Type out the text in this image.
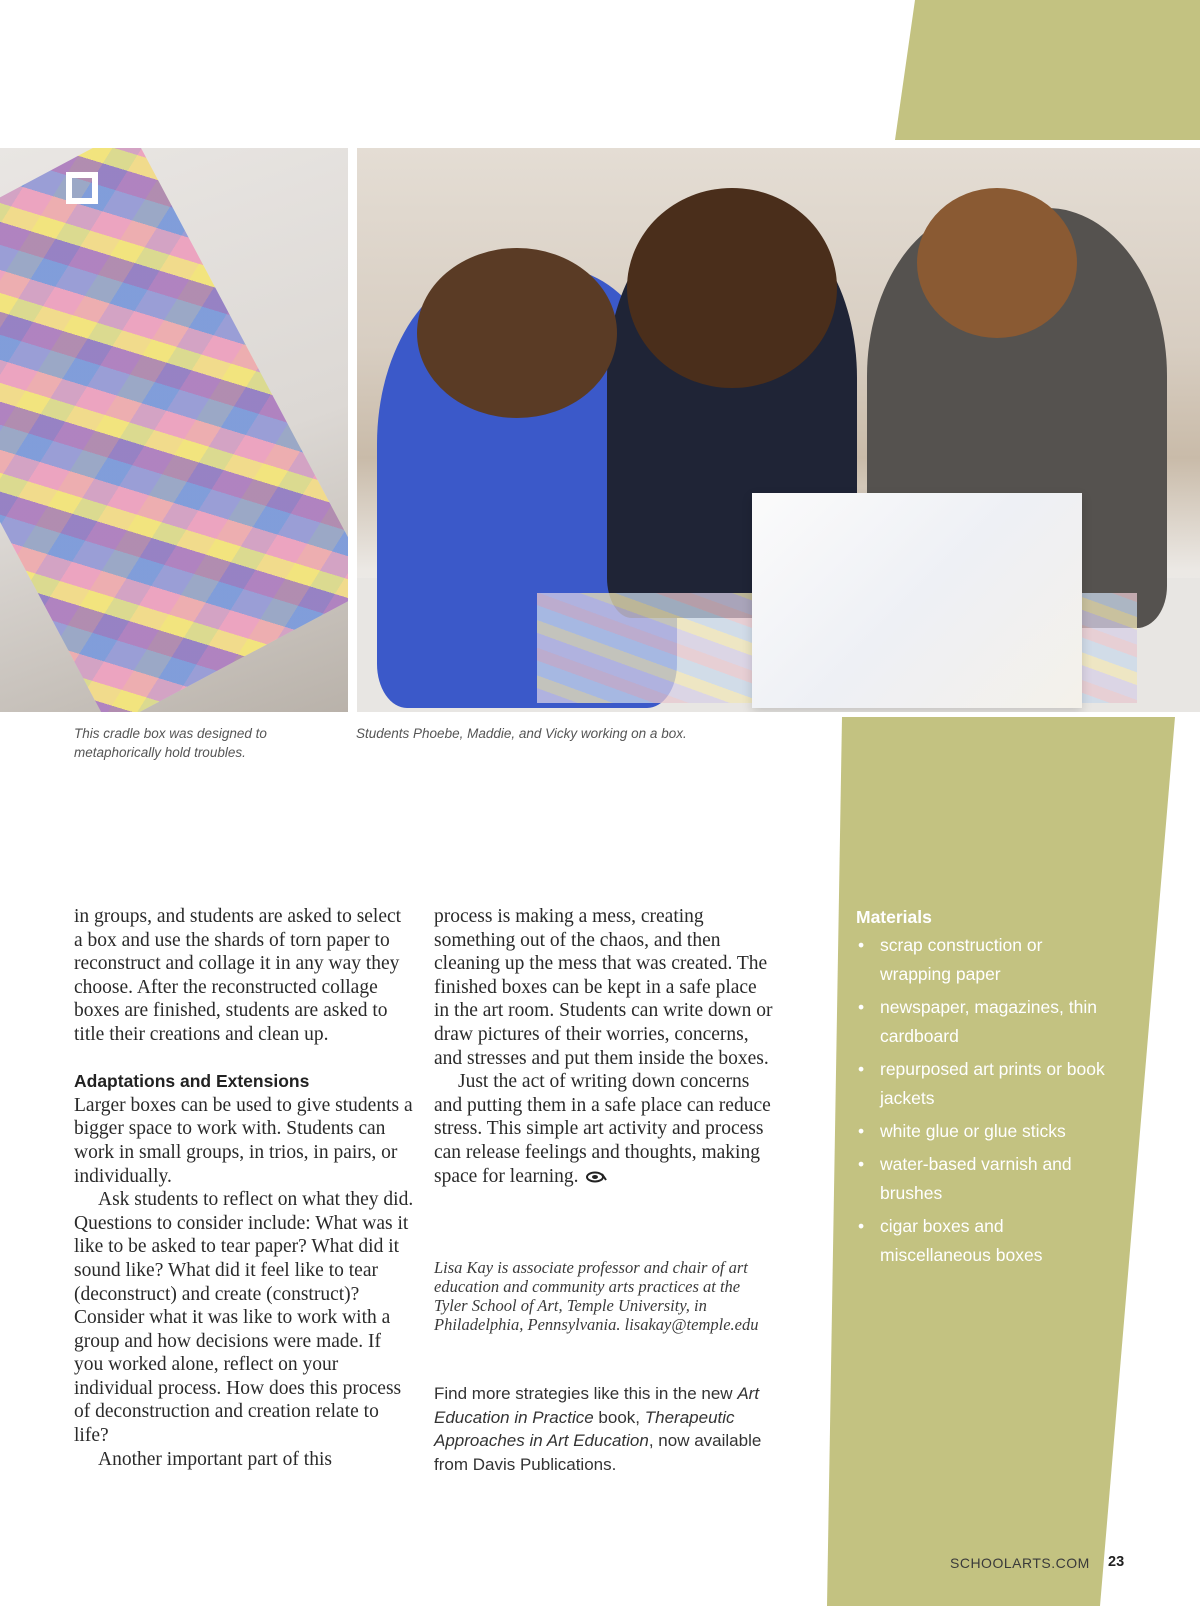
This cradle box was designed to metaphorically hold troubles.
Students Phoebe, Maddie, and Vicky working on a box.

in groups, and students are asked to select a box and use the shards of torn paper to reconstruct and collage it in any way they choose. After the reconstructed collage boxes are finished, students are asked to title their creations and clean up.

Adaptations and Extensions

Larger boxes can be used to give students a bigger space to work with. Students can work in small groups, in trios, in pairs, or individually.

Ask students to reflect on what they did. Questions to consider include: What was it like to be asked to tear paper? What did it sound like? What did it feel like to tear (deconstruct) and create (construct)? Consider what it was like to work with a group and how decisions were made. If you worked alone, reflect on your individual process. How does this process of deconstruction and creation relate to life?

Another important part of this

process is making a mess, creating something out of the chaos, and then cleaning up the mess that was created. The finished boxes can be kept in a safe place in the art room. Students can write down or draw pictures of their worries, concerns, and stresses and put them inside the boxes.

Just the act of writing down concerns and putting them in a safe place can reduce stress. This simple art activity and process can release feelings and thoughts, making space for learning.

Lisa Kay is associate professor and chair of art education and community arts practices at the Tyler School of Art, Temple University, in Philadelphia, Pennsylvania. lisakay@temple.edu
Find more strategies like this in the new Art Education in Practice book, Therapeutic Approaches in Art Education, now available from Davis Publications.
Materials
• scrap construction or wrapping paper
• newspaper, magazines, thin cardboard
• repurposed art prints or book jackets
• white glue or glue sticks
• water-based varnish and brushes
• cigar boxes and miscellaneous boxes
SCHOOLARTS.COM 23
